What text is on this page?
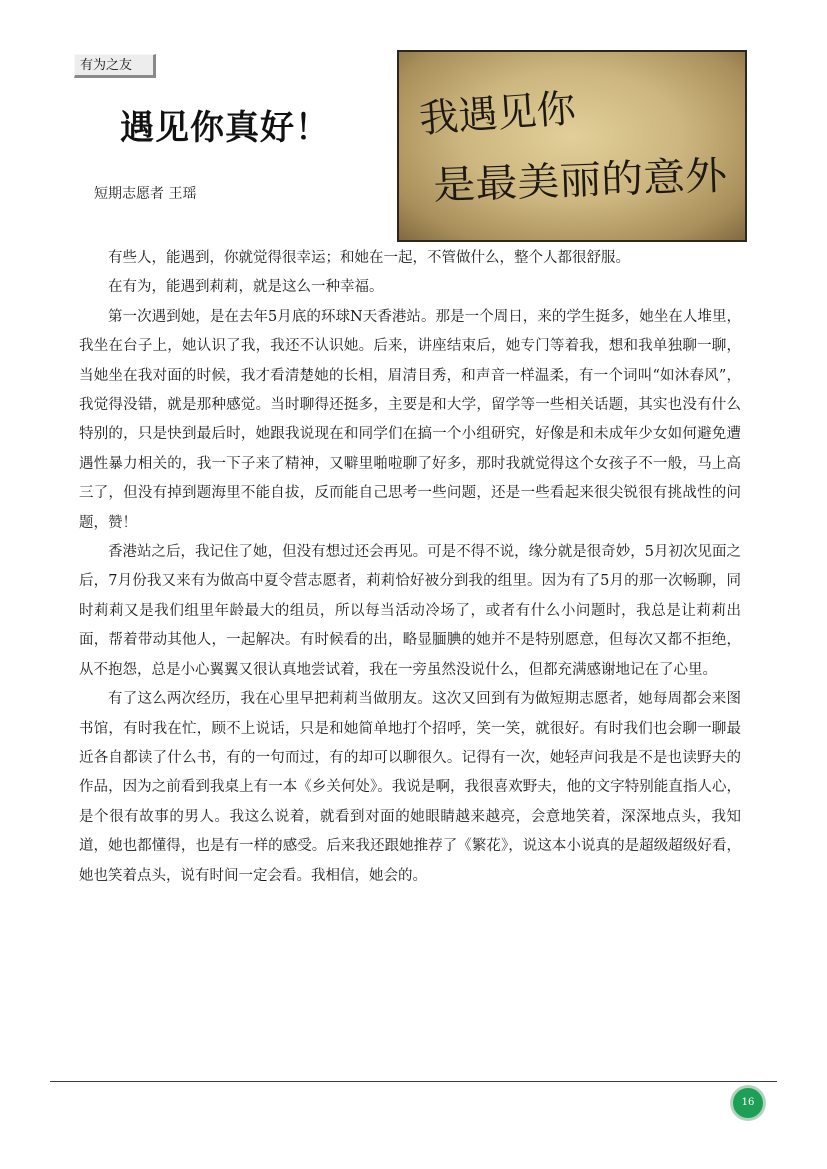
有为之友
遇见你真好！
短期志愿者 王瑶
我遇见你
是最美丽的意外

有些人，能遇到，你就觉得很幸运；和她在一起，不管做什么，整个人都很舒服。

在有为，能遇到莉莉，就是这么一种幸福。

第一次遇到她，是在去年5月底的环球N天香港站。那是一个周日，来的学生挺多，她坐在人堆里，我坐在台子上，她认识了我，我还不认识她。后来，讲座结束后，她专门等着我，想和我单独聊一聊，当她坐在我对面的时候，我才看清楚她的长相，眉清目秀，和声音一样温柔，有一个词叫“如沐春风”，我觉得没错，就是那种感觉。当时聊得还挺多，主要是和大学，留学等一些相关话题，其实也没有什么特别的，只是快到最后时，她跟我说现在和同学们在搞一个小组研究，好像是和未成年少女如何避免遭遇性暴力相关的，我一下子来了精神，又噼里啪啦聊了好多，那时我就觉得这个女孩子不一般，马上高三了，但没有掉到题海里不能自拔，反而能自己思考一些问题，还是一些看起来很尖锐很有挑战性的问题，赞！

香港站之后，我记住了她，但没有想过还会再见。可是不得不说，缘分就是很奇妙，5月初次见面之后，7月份我又来有为做高中夏令营志愿者，莉莉恰好被分到我的组里。因为有了5月的那一次畅聊，同时莉莉又是我们组里年龄最大的组员，所以每当活动冷场了，或者有什么小问题时，我总是让莉莉出面，帮着带动其他人，一起解决。有时候看的出，略显腼腆的她并不是特别愿意，但每次又都不拒绝，从不抱怨，总是小心翼翼又很认真地尝试着，我在一旁虽然没说什么，但都充满感谢地记在了心里。

有了这么两次经历，我在心里早把莉莉当做朋友。这次又回到有为做短期志愿者，她每周都会来图书馆，有时我在忙，顾不上说话，只是和她简单地打个招呼，笑一笑，就很好。有时我们也会聊一聊最近各自都读了什么书，有的一句而过，有的却可以聊很久。记得有一次，她轻声问我是不是也读野夫的作品，因为之前看到我桌上有一本《乡关何处》。我说是啊，我很喜欢野夫，他的文字特别能直指人心，是个很有故事的男人。我这么说着，就看到对面的她眼睛越来越亮，会意地笑着，深深地点头，我知道，她也都懂得，也是有一样的感受。后来我还跟她推荐了《繁花》，说这本小说真的是超级超级好看，她也笑着点头，说有时间一定会看。我相信，她会的。

16
